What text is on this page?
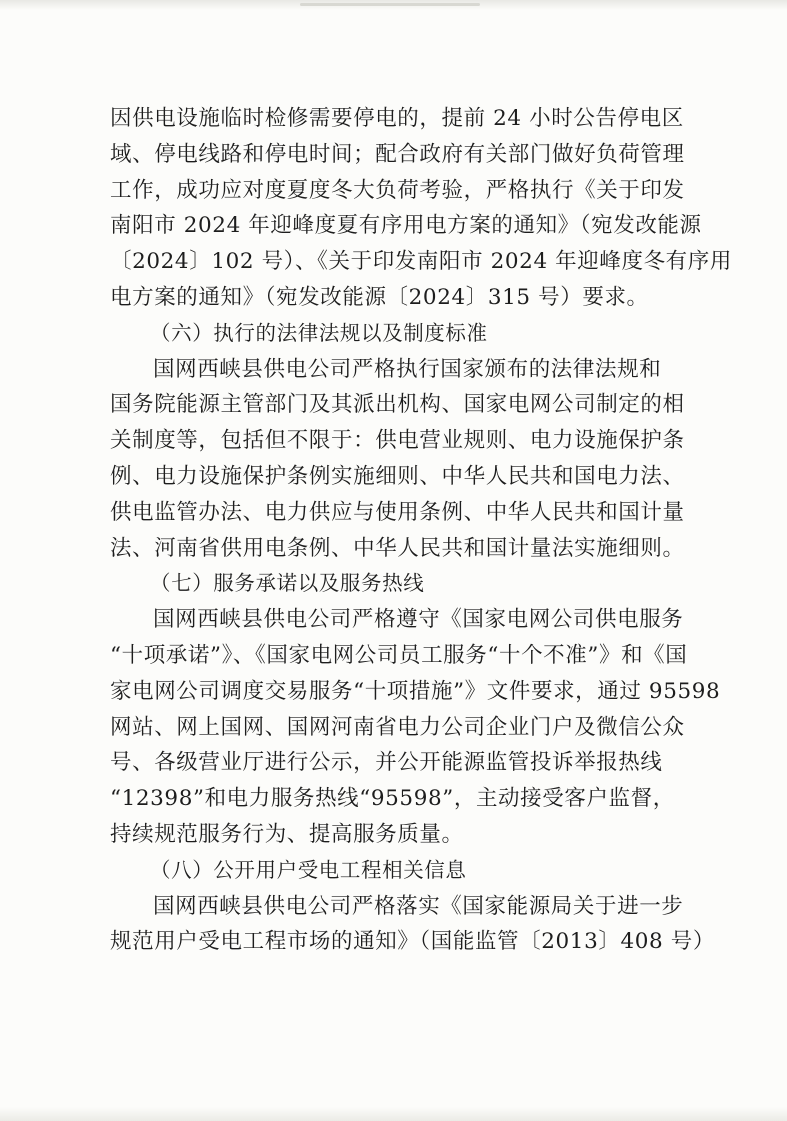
因供电设施临时检修需要停电的，提前 24 小时公告停电区
域、停电线路和停电时间；配合政府有关部门做好负荷管理
工作，成功应对度夏度冬大负荷考验，严格执行《关于印发
南阳市 2024 年迎峰度夏有序用电方案的通知》（宛发改能源
〔2024〕102 号）、《关于印发南阳市 2024 年迎峰度冬有序用
电方案的通知》（宛发改能源〔2024〕315 号）要求。
（六）执行的法律法规以及制度标准
国网西峡县供电公司严格执行国家颁布的法律法规和
国务院能源主管部门及其派出机构、国家电网公司制定的相
关制度等，包括但不限于：供电营业规则、电力设施保护条
例、电力设施保护条例实施细则、中华人民共和国电力法、
供电监管办法、电力供应与使用条例、中华人民共和国计量
法、河南省供用电条例、中华人民共和国计量法实施细则。
（七）服务承诺以及服务热线
国网西峡县供电公司严格遵守《国家电网公司供电服务
“十项承诺”》、《国家电网公司员工服务“十个不准”》和《国
家电网公司调度交易服务“十项措施”》文件要求，通过 95598
网站、网上国网、国网河南省电力公司企业门户及微信公众
号、各级营业厅进行公示，并公开能源监管投诉举报热线
“12398”和电力服务热线“95598”，主动接受客户监督，
持续规范服务行为、提高服务质量。
（八）公开用户受电工程相关信息
国网西峡县供电公司严格落实《国家能源局关于进一步
规范用户受电工程市场的通知》（国能监管〔2013〕408 号）
